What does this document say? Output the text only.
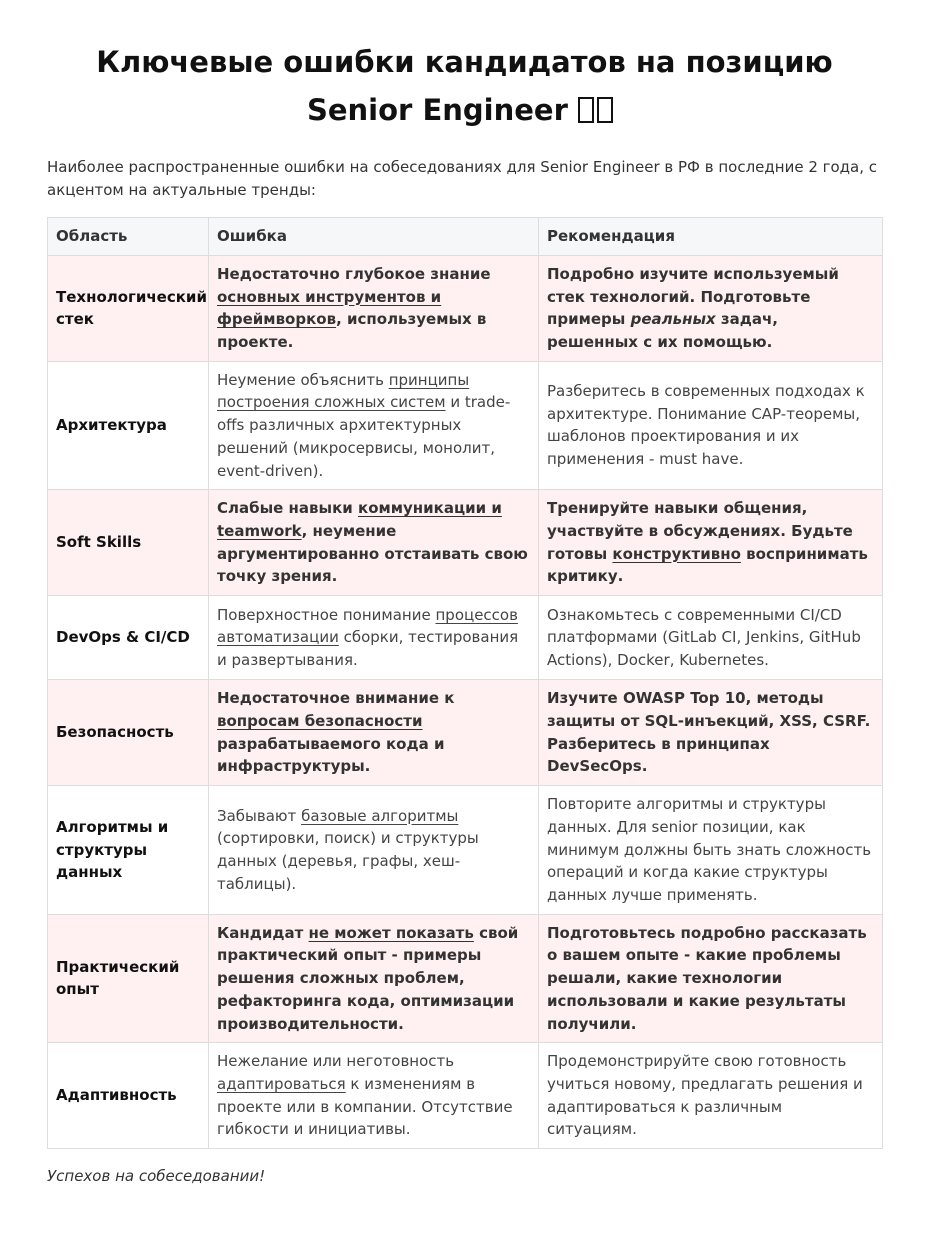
Ключевые ошибки кандидатов на позицию
Senior Engineer

Наиболее распространенные ошибки на собеседованиях для Senior Engineer в РФ в последние 2 года, с акцентом на актуальные тренды:

Область	Ошибка	Рекомендация
Технологический стек	Недостаточно глубокое знание основных инструментов и фреймворков, используемых в проекте.	Подробно изучите используемый стек технологий. Подготовьте примеры реальных задач, решенных с их помощью.
Архитектура	Неумение объяснить принципы построения сложных систем и trade-offs различных архитектурных решений (микросервисы, монолит, event-driven).	Разберитесь в современных подходах к архитектуре. Понимание CAP-теоремы, шаблонов проектирования и их применения - must have.
Soft Skills	Слабые навыки коммуникации и teamwork, неумение аргументированно отстаивать свою точку зрения.	Тренируйте навыки общения, участвуйте в обсуждениях. Будьте готовы конструктивно воспринимать критику.
DevOps & CI/CD	Поверхностное понимание процессов автоматизации сборки, тестирования и развертывания.	Ознакомьтесь с современными CI/CD платформами (GitLab CI, Jenkins, GitHub Actions), Docker, Kubernetes.
Безопасность	Недостаточное внимание к вопросам безопасности разрабатываемого кода и инфраструктуры.	Изучите OWASP Top 10, методы защиты от SQL-инъекций, XSS, CSRF. Разберитесь в принципах DevSecOps.
Алгоритмы и структуры данных	Забывают базовые алгоритмы (сортировки, поиск) и структуры данных (деревья, графы, хеш-таблицы).	Повторите алгоритмы и структуры данных. Для senior позиции, как минимум должны быть знать сложность операций и когда какие структуры данных лучше применять.
Практический опыт	Кандидат не может показать свой практический опыт - примеры решения сложных проблем, рефакторинга кода, оптимизации производительности.	Подготовьтесь подробно рассказать о вашем опыте - какие проблемы решали, какие технологии использовали и какие результаты получили.
Адаптивность	Нежелание или неготовность адаптироваться к изменениям в проекте или в компании. Отсутствие гибкости и инициативы.	Продемонстрируйте свою готовность учиться новому, предлагать решения и адаптироваться к различным ситуациям.

Успехов на собеседовании!
